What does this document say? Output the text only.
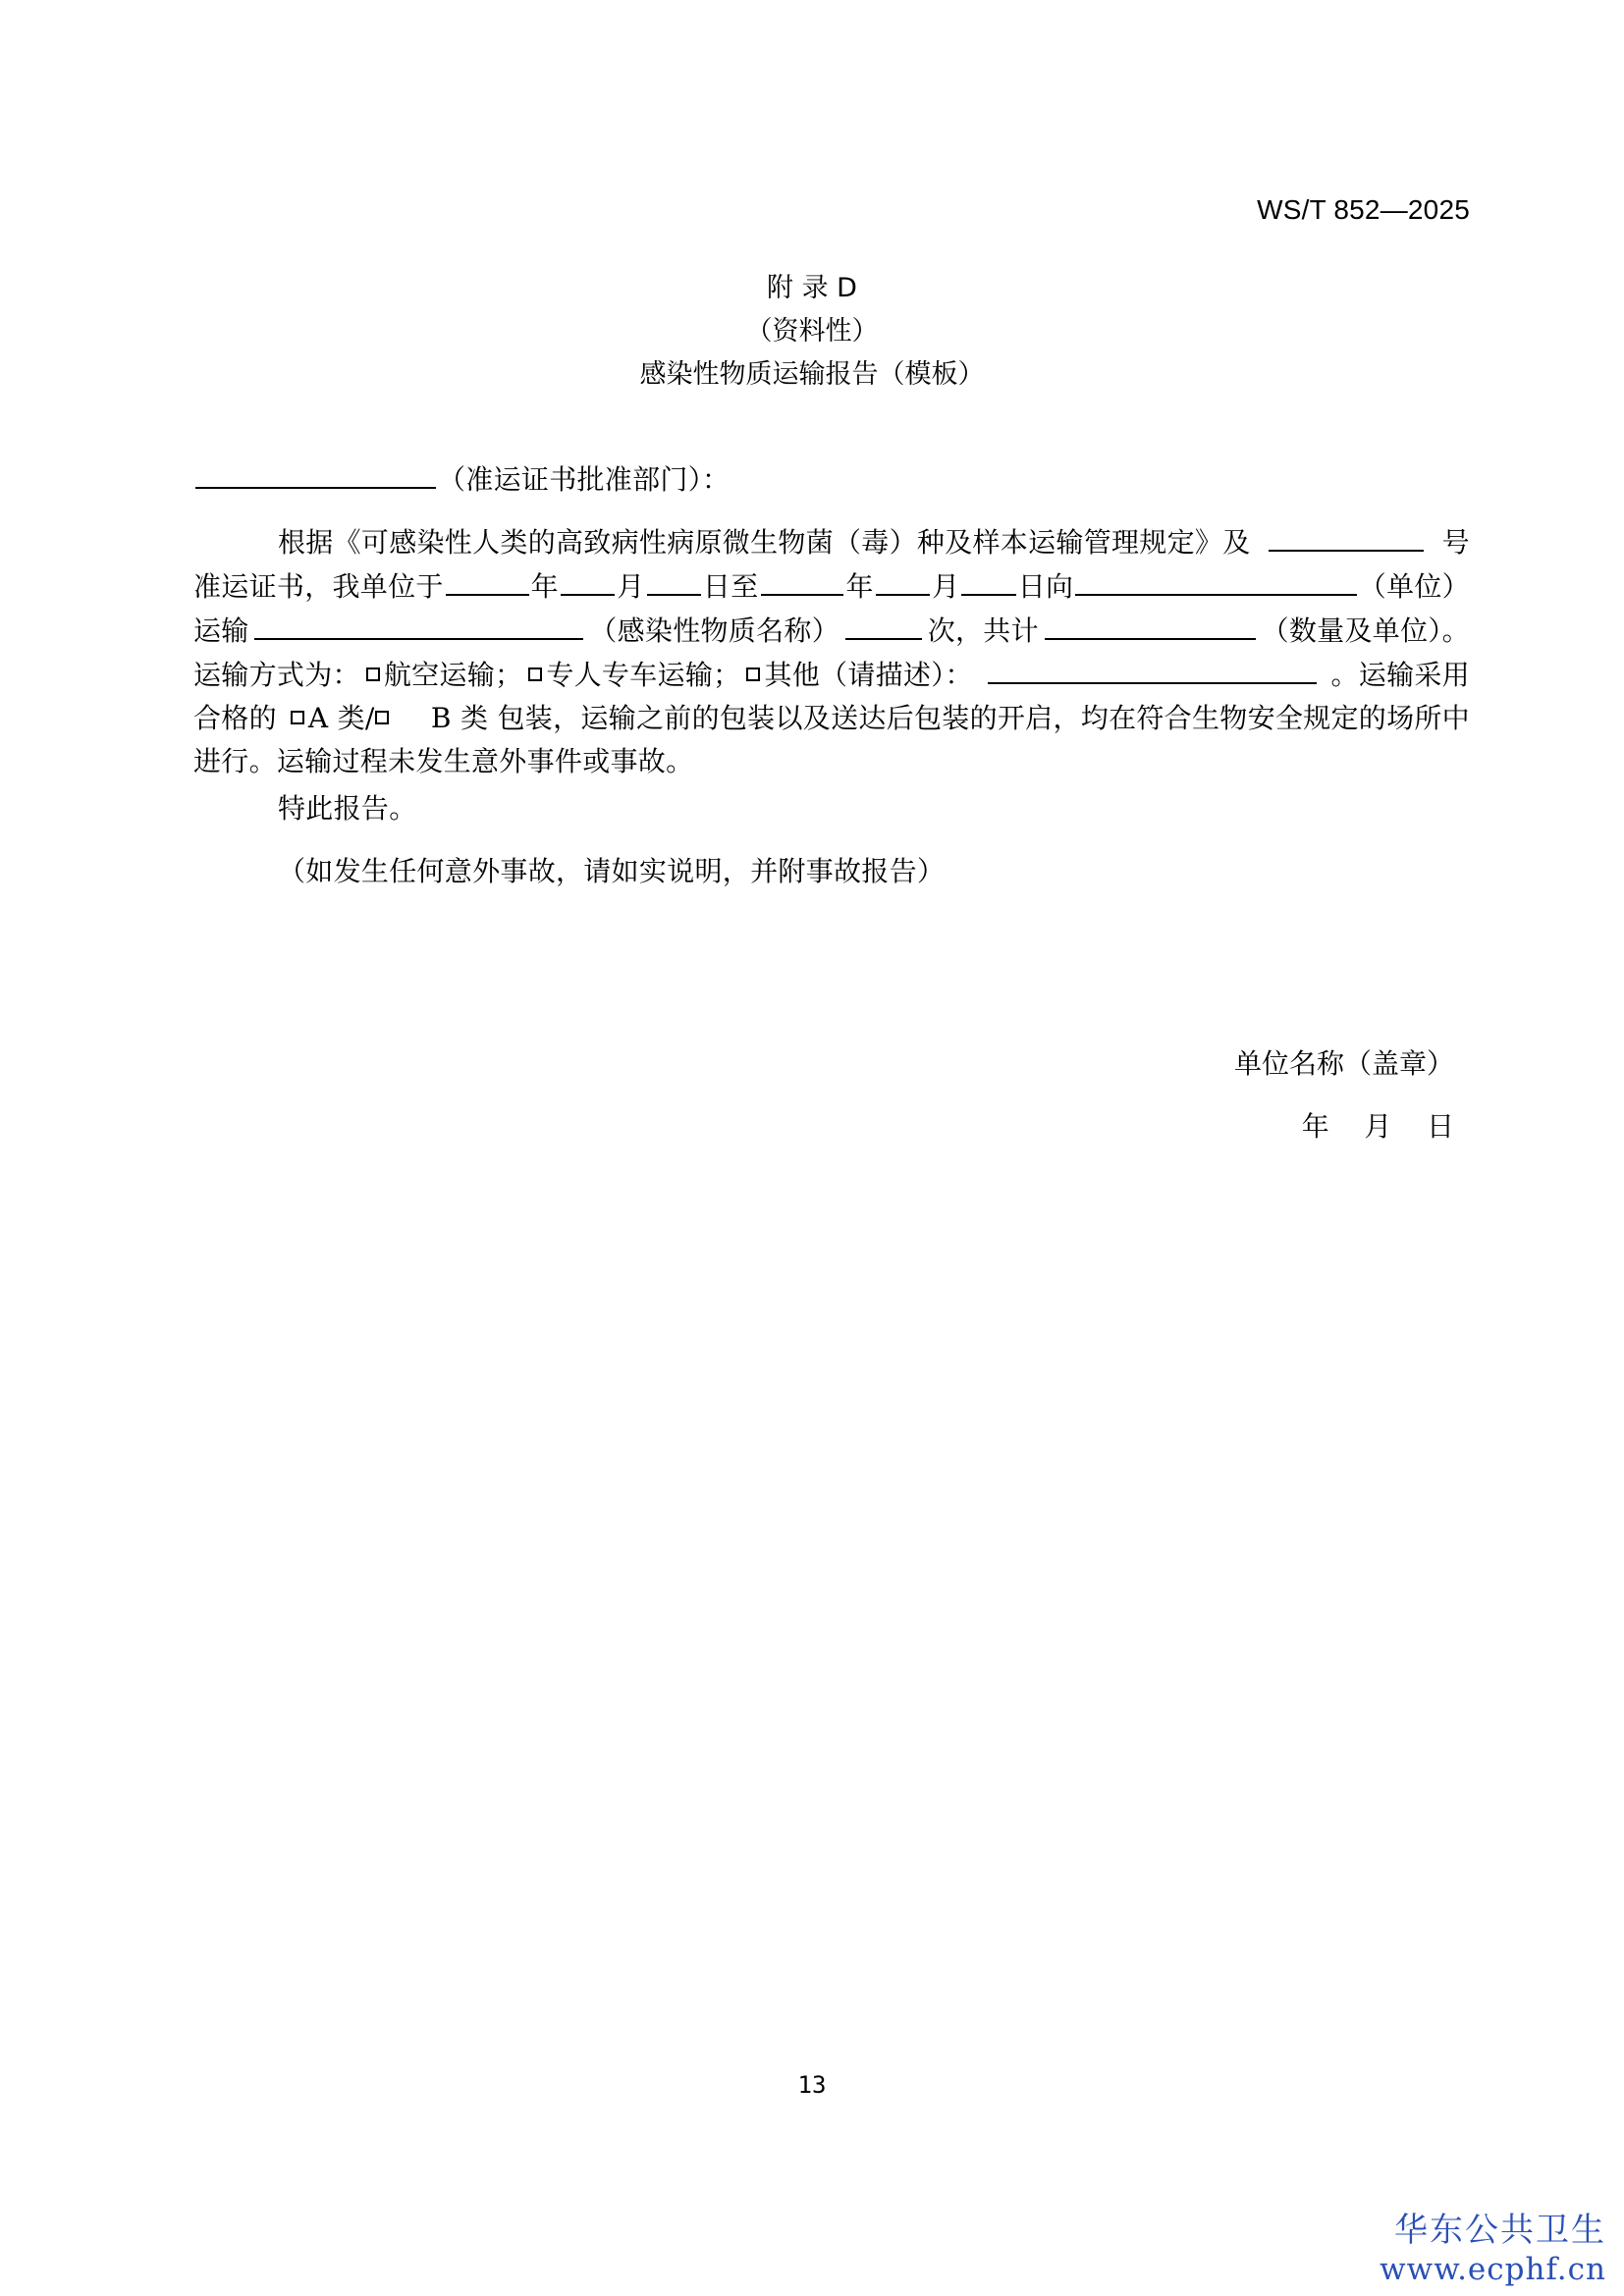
WS/T 852—2025
附 录 D
（资料性）
感染性物质运输报告（模板）
（准运证书批准部门）：
根据《可感染性人类的高致病性病原微生物菌（毒）种及样本运输管理规定》及	号
准运证书，我单位于	年 月 日至	年 月 日向	（单位）
运输	（感染性物质名称）	次，共计	（数量及单位）。
运输方式为： 航空运输； 专人专车运输； 其他（请描述）：	。运输采用
合格的 A 类/	B 类 包装，运输之前的包装以及送达后包装的开启，均在符合生物安全规定的场所中
进行。运输过程未发生意外事件或事故。
特此报告。
（如发生任何意外事故，请如实说明，并附事故报告）
单位名称（盖章）
年    月    日
13
华东公共卫生
www.ecphf.cn
